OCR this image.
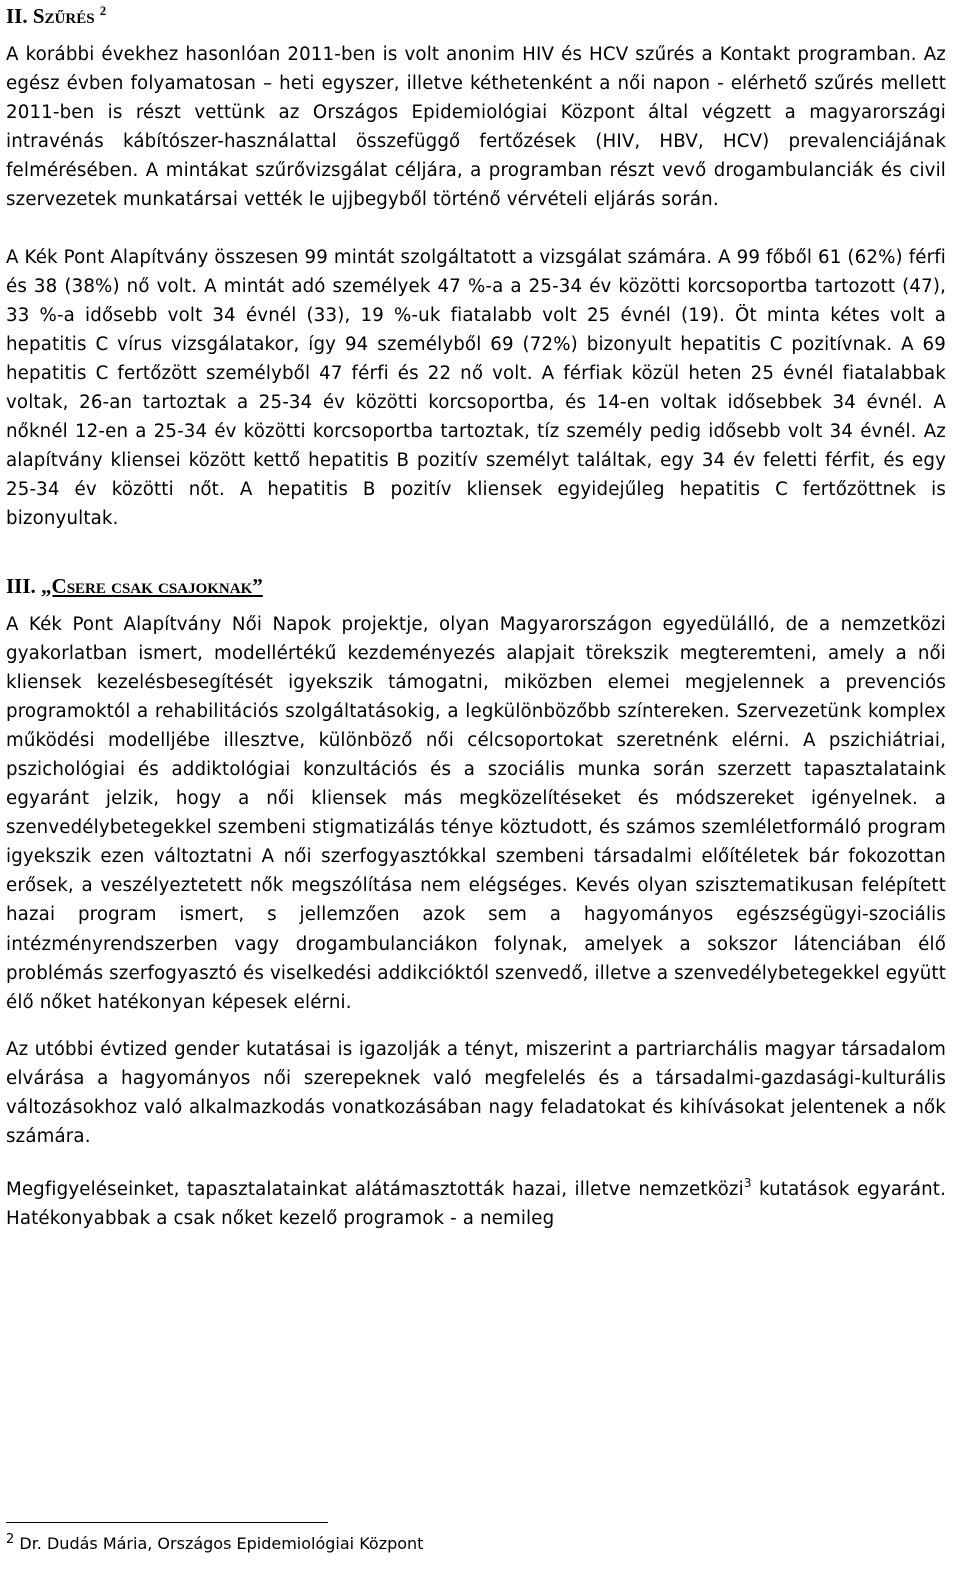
II. Szűrés $^2$

A korábbi évekhez hasonlóan 2011-ben is volt anonim HIV és HCV szűrés a Kontakt programban. Az egész évben folyamatosan – heti egyszer, illetve kéthetenként a női napon - elérhető szűrés mellett 2011-ben is részt vettünk az Országos Epidemiológiai Központ által végzett a magyarországi intravénás kábítószer-használattal összefüggő fertőzések (HIV, HBV, HCV) prevalenciájának felmérésében. A mintákat szűrővizsgálat céljára, a programban részt vevő drogambulanciák és civil szervezetek munkatársai vették le ujjbegyből történő vérvételi eljárás során.

A Kék Pont Alapítvány összesen 99 mintát szolgáltatott a vizsgálat számára. A 99 főből 61 (62%) férfi és 38 (38%) nő volt. A mintát adó személyek 47 %-a a 25-34 év közötti korcsoportba tartozott (47), 33 %-a idősebb volt 34 évnél (33), 19 %-uk fiatalabb volt 25 évnél (19). Öt minta kétes volt a hepatitis C vírus vizsgálatakor, így 94 személyből 69 (72%) bizonyult hepatitis C pozitívnak. A 69 hepatitis C fertőzött személyből 47 férfi és 22 nő volt. A férfiak közül heten 25 évnél fiatalabbak voltak, 26-an tartoztak a 25-34 év közötti korcsoportba, és 14-en voltak idősebbek 34 évnél. A nőknél 12-en a 25-34 év közötti korcsoportba tartoztak, tíz személy pedig idősebb volt 34 évnél. Az alapítvány kliensei között kettő hepatitis B pozitív személyt találtak, egy 34 év feletti férfit, és egy 25-34 év közötti nőt. A hepatitis B pozitív kliensek egyidejűleg hepatitis C fertőzöttnek is bizonyultak.

III. „Csere csak csajoknak”

A Kék Pont Alapítvány Női Napok projektje, olyan Magyarországon egyedülálló, de a nemzetközi gyakorlatban ismert, modellértékű kezdeményezés alapjait törekszik megteremteni, amely a női kliensek kezelésbesegítését igyekszik támogatni, miközben elemei megjelennek a prevenciós programoktól a rehabilitációs szolgáltatásokig, a legkülönbözőbb színtereken. Szervezetünk komplex működési modelljébe illesztve, különböző női célcsoportokat szeretnénk elérni. A pszichiátriai, pszichológiai és addiktológiai konzultációs és a szociális munka során szerzett tapasztalataink egyaránt jelzik, hogy a női kliensek más megközelítéseket és módszereket igényelnek. a szenvedélybetegekkel szembeni stigmatizálás ténye köztudott, és számos szemléletformáló program igyekszik ezen változtatni A női szerfogyasztókkal szembeni társadalmi előítéletek bár fokozottan erősek, a veszélyeztetett nők megszólítása nem elégséges. Kevés olyan szisztematikusan felépített hazai program ismert, s jellemzően azok sem a hagyományos egészségügyi-szociális intézményrendszerben vagy drogambulanciákon folynak, amelyek a sokszor látenciában élő problémás szerfogyasztó és viselkedési addikcióktól szenvedő, illetve a szenvedélybetegekkel együtt élő nőket hatékonyan képesek elérni.

Az utóbbi évtized gender kutatásai is igazolják a tényt, miszerint a partriarchális magyar társadalom elvárása a hagyományos női szerepeknek való megfelelés és a társadalmi-gazdasági-kulturális változásokhoz való alkalmazkodás vonatkozásában nagy feladatokat és kihívásokat jelentenek a nők számára.

Megfigyeléseinket, tapasztalatainkat alátámasztották hazai, illetve nemzetközi$^3$ kutatások egyaránt. Hatékonyabbak a csak nőket kezelő programok - a nemileg

$^2$ Dr. Dudás Mária, Országos Epidemiológiai Központ
